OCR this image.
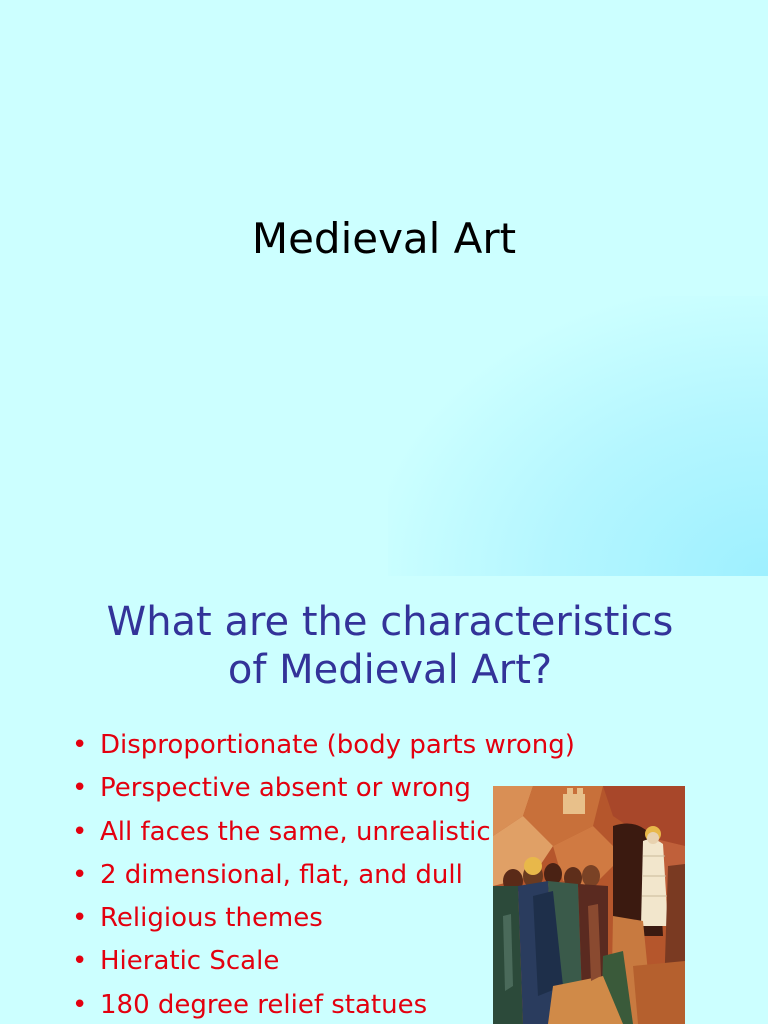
Medieval Art
What are the characteristics
of Medieval Art?
• Disproportionate (body parts wrong)
• Perspective absent or wrong
• All faces the same, unrealistic
• 2 dimensional, flat, and dull
• Religious themes
• Hieratic Scale
• 180 degree relief statues
